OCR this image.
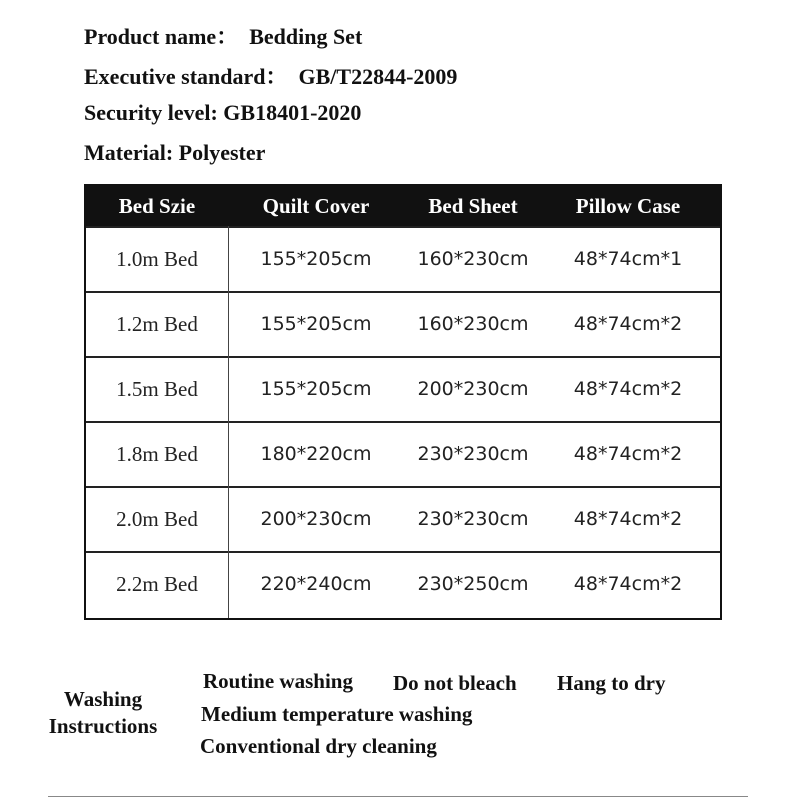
Product name：  Bedding Set
Executive standard：  GB/T22844-2009
Security level: GB18401-2020
Material: Polyester
Bed Szie	Quilt Cover	Bed Sheet	Pillow Case
1.0m Bed	155*205cm	160*230cm	48*74cm*1
1.2m Bed	155*205cm	160*230cm	48*74cm*2
1.5m Bed	155*205cm	200*230cm	48*74cm*2
1.8m Bed	180*220cm	230*230cm	48*74cm*2
2.0m Bed	200*230cm	230*230cm	48*74cm*2
2.2m Bed	220*240cm	230*250cm	48*74cm*2
Washing
Instructions
Routine washing Do not bleach Hang to dry
Medium temperature washing
Conventional dry cleaning
